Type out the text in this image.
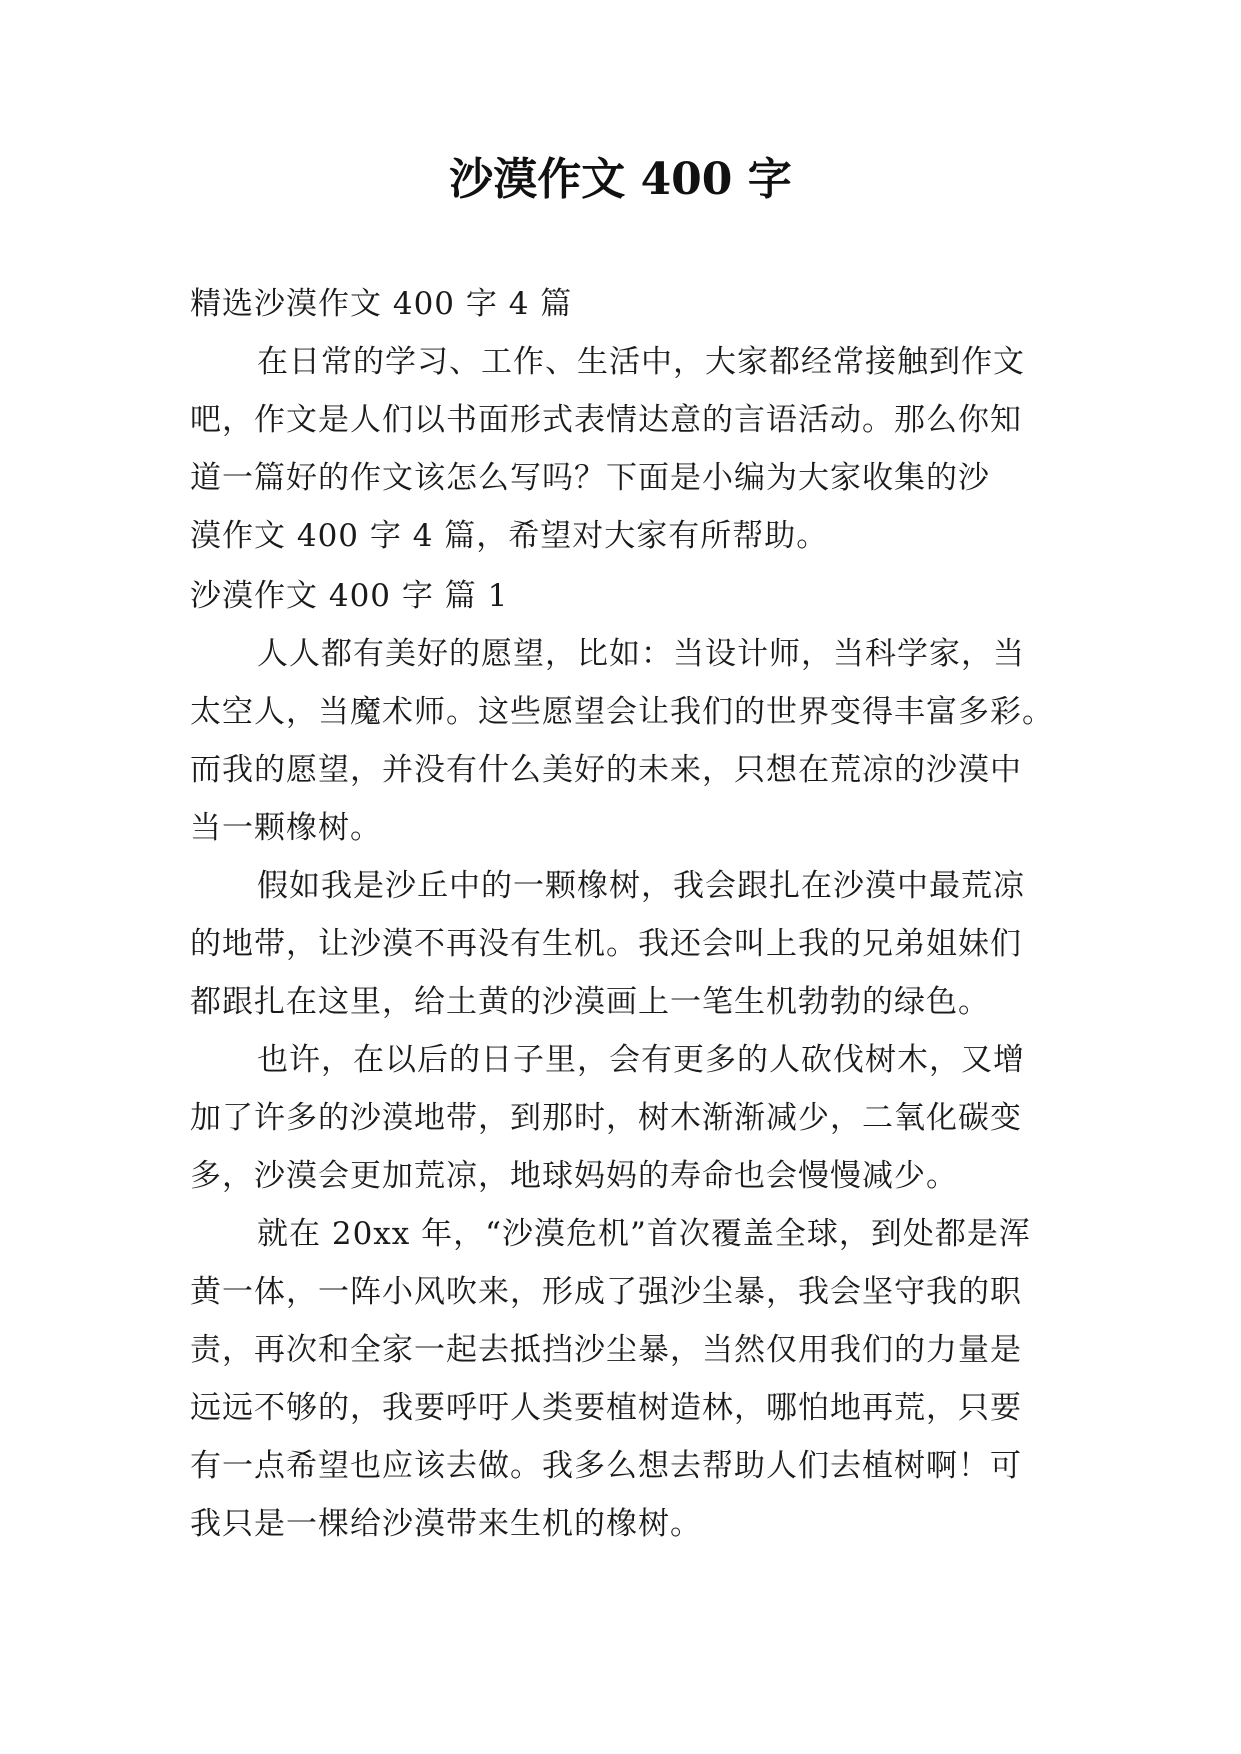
沙漠作文 400 字

精选沙漠作文 400 字 4 篇

在日常的学习、工作、生活中，大家都经常接触到作文

吧，作文是人们以书面形式表情达意的言语活动。那么你知

道一篇好的作文该怎么写吗？下面是小编为大家收集的沙

漠作文 400 字 4 篇，希望对大家有所帮助。

沙漠作文 400 字 篇 1

人人都有美好的愿望，比如：当设计师，当科学家，当

太空人，当魔术师。这些愿望会让我们的世界变得丰富多彩。

而我的愿望，并没有什么美好的未来，只想在荒凉的沙漠中

当一颗橡树。

假如我是沙丘中的一颗橡树，我会跟扎在沙漠中最荒凉

的地带，让沙漠不再没有生机。我还会叫上我的兄弟姐妹们

都跟扎在这里，给土黄的沙漠画上一笔生机勃勃的绿色。

也许，在以后的日子里，会有更多的人砍伐树木，又增

加了许多的沙漠地带，到那时，树木渐渐减少，二氧化碳变

多，沙漠会更加荒凉，地球妈妈的寿命也会慢慢减少。

就在 20xx 年，“沙漠危机”首次覆盖全球，到处都是浑

黄一体，一阵小风吹来，形成了强沙尘暴，我会坚守我的职

责，再次和全家一起去抵挡沙尘暴，当然仅用我们的力量是

远远不够的，我要呼吁人类要植树造林，哪怕地再荒，只要

有一点希望也应该去做。我多么想去帮助人们去植树啊！可

我只是一棵给沙漠带来生机的橡树。
